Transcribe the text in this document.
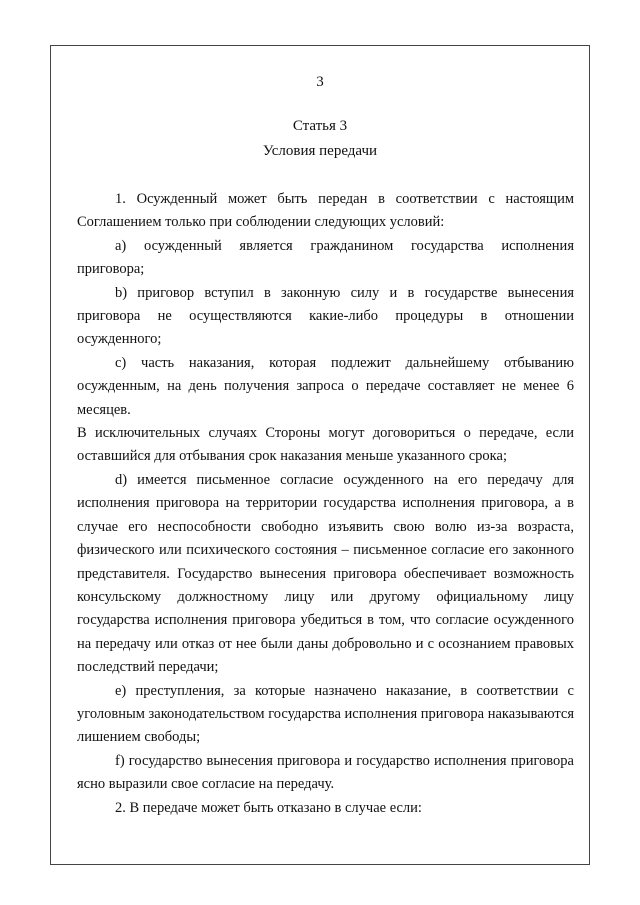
3
Статья 3
Условия передачи

1. Осужденный может быть передан в соответствии с настоящим Соглашением только при соблюдении следующих условий:

а) осужденный является гражданином государства исполнения приговора;

b) приговор вступил в законную силу и в государстве вынесения приговора не осуществляются какие-либо процедуры в отношении осужденного;

с) часть наказания, которая подлежит дальнейшему отбыванию осужденным, на день получения запроса о передаче составляет не менее 6 месяцев.

В исключительных случаях Стороны могут договориться о передаче, если оставшийся для отбывания срок наказания меньше указанного срока;

d) имеется письменное согласие осужденного на его передачу для исполнения приговора на территории государства исполнения приговора, а в случае его неспособности свободно изъявить свою волю из-за возраста, физического или психического состояния – письменное согласие его законного представителя. Государство вынесения приговора обеспечивает возможность консульскому должностному лицу или другому официальному лицу государства исполнения приговора убедиться в том, что согласие осужденного на передачу или отказ от нее были даны добровольно и с осознанием правовых последствий передачи;

е) преступления, за которые назначено наказание, в соответствии с уголовным законодательством государства исполнения приговора наказываются лишением свободы;

f) государство вынесения приговора и государство исполнения приговора ясно выразили свое согласие на передачу.

2. В передаче может быть отказано в случае если:
